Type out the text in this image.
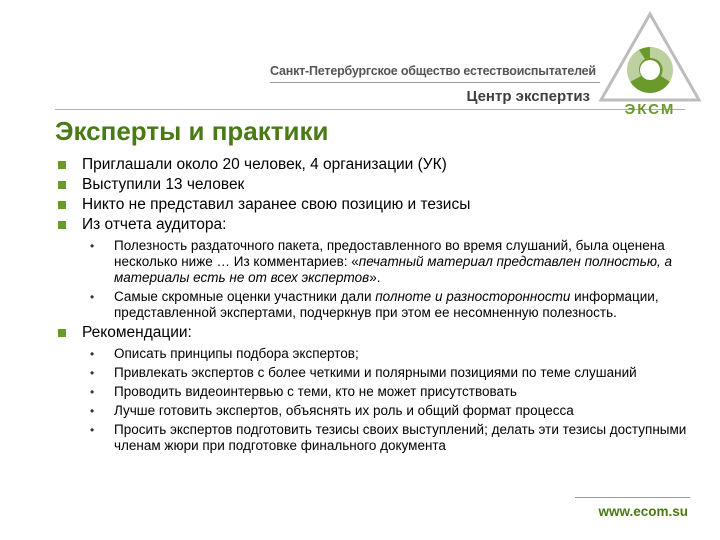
Санкт-Петербургское общество естествоиспытателей
Центр экспертиз
ЭКСМ
Эксперты и практики
Приглашали около 20 человек, 4 организации (УК)
Выступили 13 человек
Никто не представил заранее свою позицию и тезисы
Из отчета аудитора:
• Полезность раздаточного пакета, предоставленного во время слушаний, была оценена несколько ниже … Из комментариев: «печатный материал представлен полностью, а материалы есть не от всех экспертов».
• Самые скромные оценки участники дали полноте и разносторонности информации, представленной экспертами, подчеркнув при этом ее несомненную полезность.
Рекомендации:
• Описать принципы подбора экспертов;
• Привлекать экспертов с более четкими и полярными позициями по теме слушаний
• Проводить видеоинтервью с теми, кто не может присутствовать
• Лучше готовить экспертов, объяснять их роль и общий формат процесса
• Просить экспертов подготовить тезисы своих выступлений; делать эти тезисы доступными членам жюри при подготовке финального документа
www.ecom.su
